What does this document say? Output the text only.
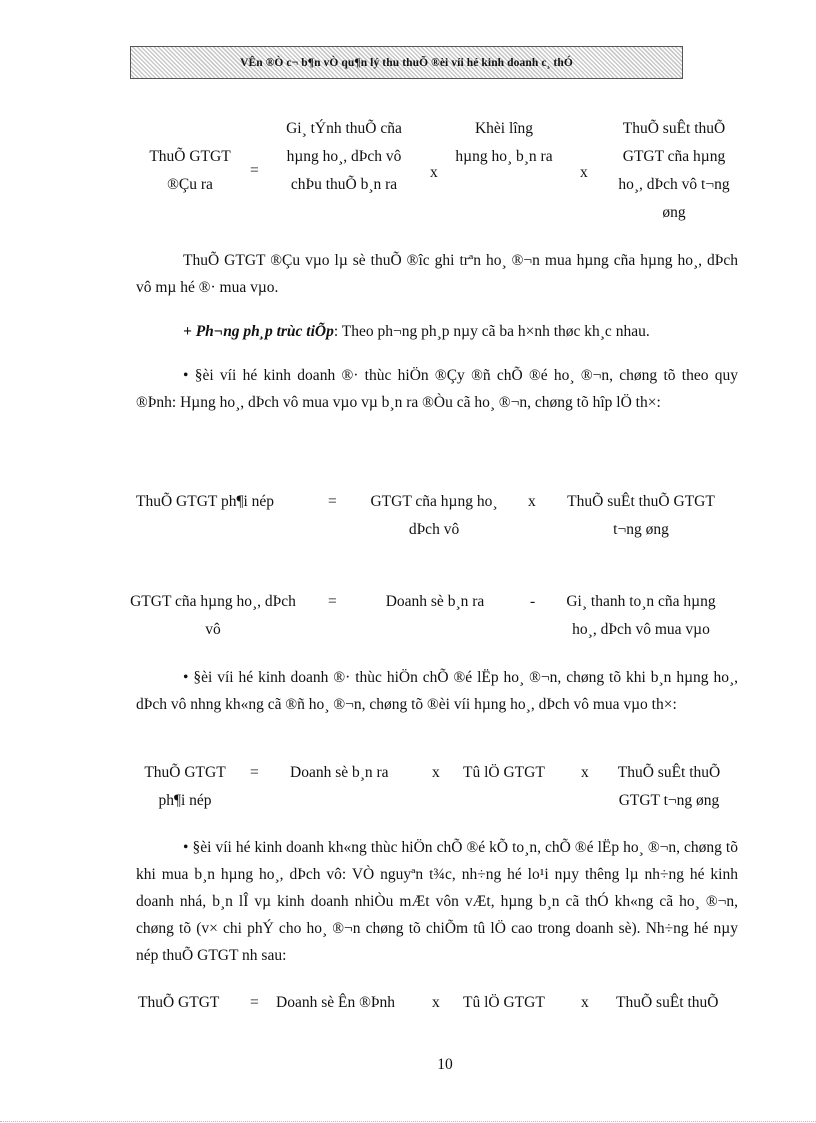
VÊn ®Ò c¬ b¶n vÒ qu¶n lý thu thuÕ ®èi víi hé kinh doanh c¸ thÓ
ThuÕ GTGT
®Çu ra
=
Gi¸ tÝnh thuÕ cña
hµng ho¸, dÞch vô
chÞu thuÕ b¸n ra
x
Khèi lîng
hµng ho¸ b¸n ra
x
ThuÕ suÊt thuÕ
GTGT cña hµng
ho¸, dÞch vô t¬ng
øng
ThuÕ GTGT ®Çu vµo lµ sè thuÕ ®îc ghi trªn ho¸ ®¬n mua hµng cña hµng ho¸, dÞch vô mµ hé ®· mua vµo.
+ Ph¬ng ph¸p trùc tiÕp: Theo ph¬ng ph¸p nµy cã ba h×nh thøc kh¸c nhau.
• §èi víi hé kinh doanh ®· thùc hiÖn ®Çy ®ñ chÕ ®é ho¸ ®¬n, chøng tõ theo quy ®Þnh: Hµng ho¸, dÞch vô mua vµo vµ b¸n ra ®Òu cã ho¸ ®¬n, chøng tõ hîp lÖ th×:
ThuÕ GTGT ph¶i nép	=	GTGT cña hµng ho¸
dÞch vô
x	ThuÕ suÊt thuÕ GTGT
t¬ng øng
GTGT cña hµng ho¸, dÞch
vô
=	Doanh sè b¸n ra	-	Gi¸ thanh to¸n cña hµng
ho¸, dÞch vô mua vµo
• §èi víi hé kinh doanh ®· thùc hiÖn chÕ ®é lËp ho¸ ®¬n, chøng tõ khi b¸n hµng ho¸, dÞch vô nhng kh«ng cã ®ñ ho¸ ®¬n, chøng tõ ®èi víi hµng ho¸, dÞch vô mua vµo th×:
ThuÕ GTGT
ph¶i nép
= Doanh sè b¸n ra	x Tû lÖ GTGT x	ThuÕ suÊt thuÕ
GTGT t¬ng øng
• §èi víi hé kinh doanh kh«ng thùc hiÖn chÕ ®é kÕ to¸n, chÕ ®é lËp ho¸ ®¬n, chøng tõ khi mua b¸n hµng ho¸, dÞch vô: VÒ nguyªn t¾c, nh÷ng hé lo¹i nµy thêng lµ nh÷ng hé kinh doanh nhá, b¸n lÎ vµ kinh doanh nhiÒu mÆt vôn vÆt, hµng b¸n cã thÓ kh«ng cã ho¸ ®¬n, chøng tõ (v× chi phÝ cho ho¸ ®¬n chøng tõ chiÕm tû lÖ cao trong doanh sè). Nh÷ng hé nµy nép thuÕ GTGT nh sau:
ThuÕ GTGT = Doanh sè Ên ®Þnh x Tû lÖ GTGT x ThuÕ suÊt thuÕ
10
